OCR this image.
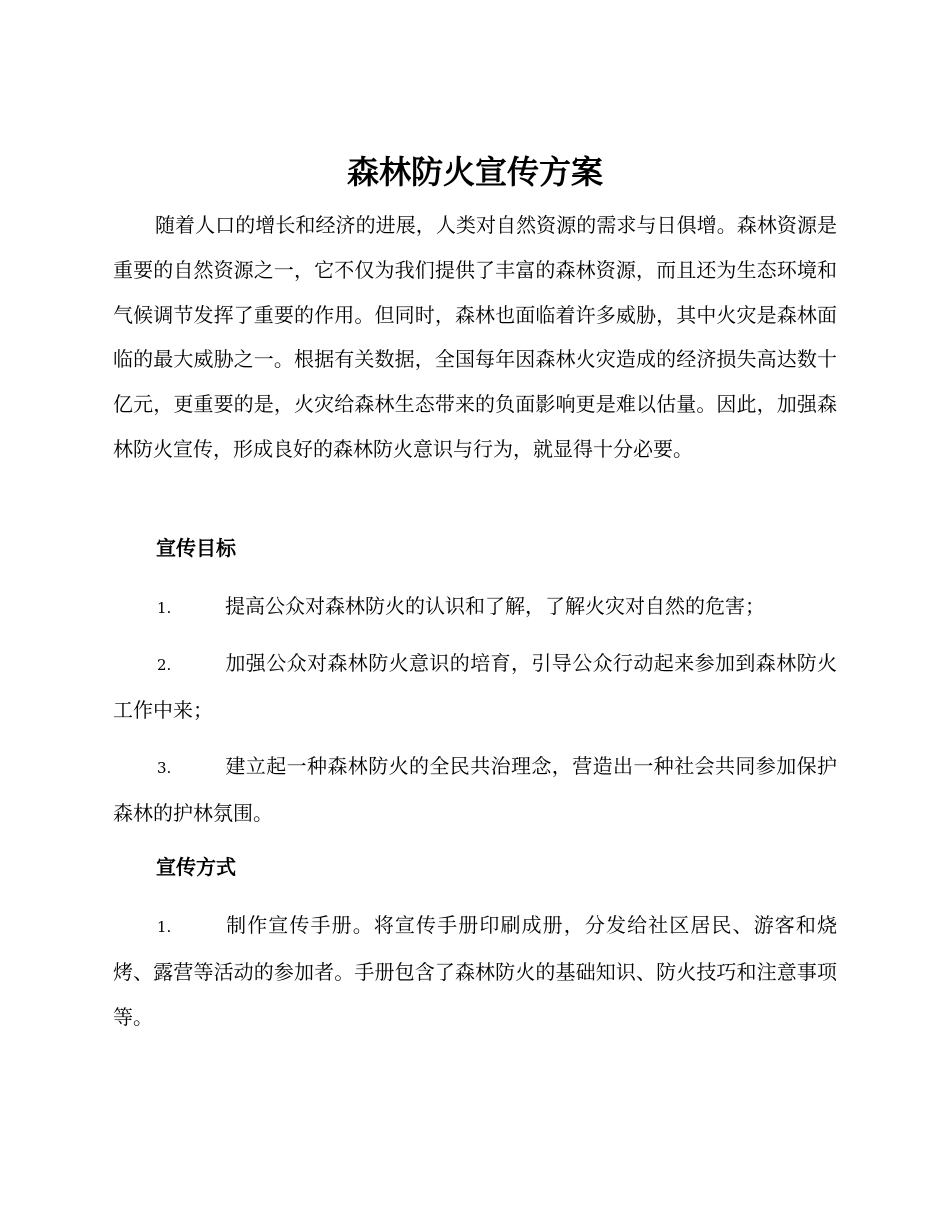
森林防火宣传方案

随着人口的增长和经济的进展，人类对自然资源的需求与日俱增。森林资源是重要的自然资源之一，它不仅为我们提供了丰富的森林资源，而且还为生态环境和气候调节发挥了重要的作用。但同时，森林也面临着许多威胁，其中火灾是森林面临的最大威胁之一。根据有关数据，全国每年因森林火灾造成的经济损失高达数十亿元，更重要的是，火灾给森林生态带来的负面影响更是难以估量。因此，加强森林防火宣传，形成良好的森林防火意识与行为，就显得十分必要。

宣传目标

1.	提高公众对森林防火的认识和了解，了解火灾对自然的危害；

2.	加强公众对森林防火意识的培育，引导公众行动起来参加到森林防火工作中来；

3.	建立起一种森林防火的全民共治理念，营造出一种社会共同参加保护森林的护林氛围。

宣传方式

1.	制作宣传手册。将宣传手册印刷成册，分发给社区居民、游客和烧烤、露营等活动的参加者。手册包含了森林防火的基础知识、防火技巧和注意事项等。
